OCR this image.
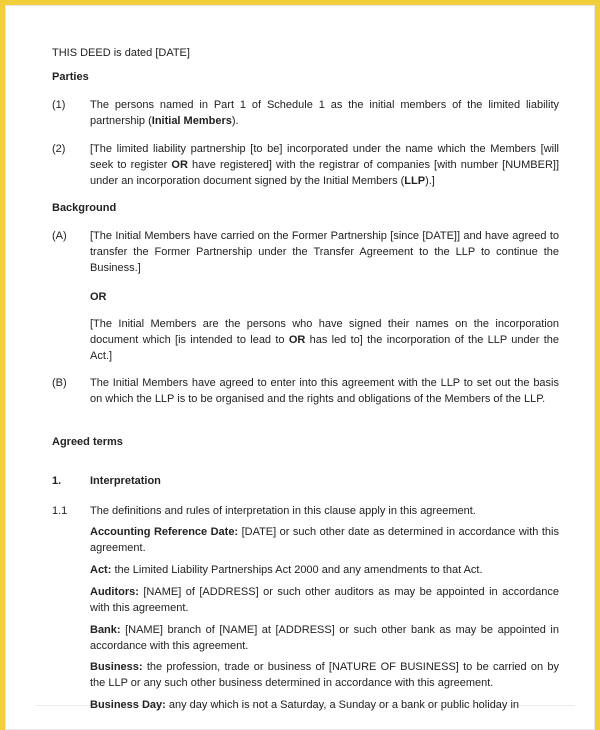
THIS DEED is dated [DATE]

Parties

(1) The persons named in Part 1 of Schedule 1 as the initial members of the limited liability partnership (Initial Members).

(2) [The limited liability partnership [to be] incorporated under the name which the Members [will seek to register OR have registered] with the registrar of companies [with number [NUMBER]] under an incorporation document signed by the Initial Members (LLP).]

Background

(A) [The Initial Members have carried on the Former Partnership [since [DATE]] and have agreed to transfer the Former Partnership under the Transfer Agreement to the LLP to continue the Business.]

OR

[The Initial Members are the persons who have signed their names on the incorporation document which [is intended to lead to OR has led to] the incorporation of the LLP under the Act.]

(B) The Initial Members have agreed to enter into this agreement with the LLP to set out the basis on which the LLP is to be organised and the rights and obligations of the Members of the LLP.

Agreed terms

1.	Interpretation
1.1 The definitions and rules of interpretation in this clause apply in this agreement.

Accounting Reference Date: [DATE] or such other date as determined in accordance with this agreement.

Act: the Limited Liability Partnerships Act 2000 and any amendments to that Act.

Auditors: [NAME] of [ADDRESS] or such other auditors as may be appointed in accordance with this agreement.

Bank: [NAME] branch of [NAME] at [ADDRESS] or such other bank as may be appointed in accordance with this agreement.

Business: the profession, trade or business of [NATURE OF BUSINESS] to be carried on by the LLP or any such other business determined in accordance with this agreement.

Business Day: any day which is not a Saturday, a Sunday or a bank or public holiday in
